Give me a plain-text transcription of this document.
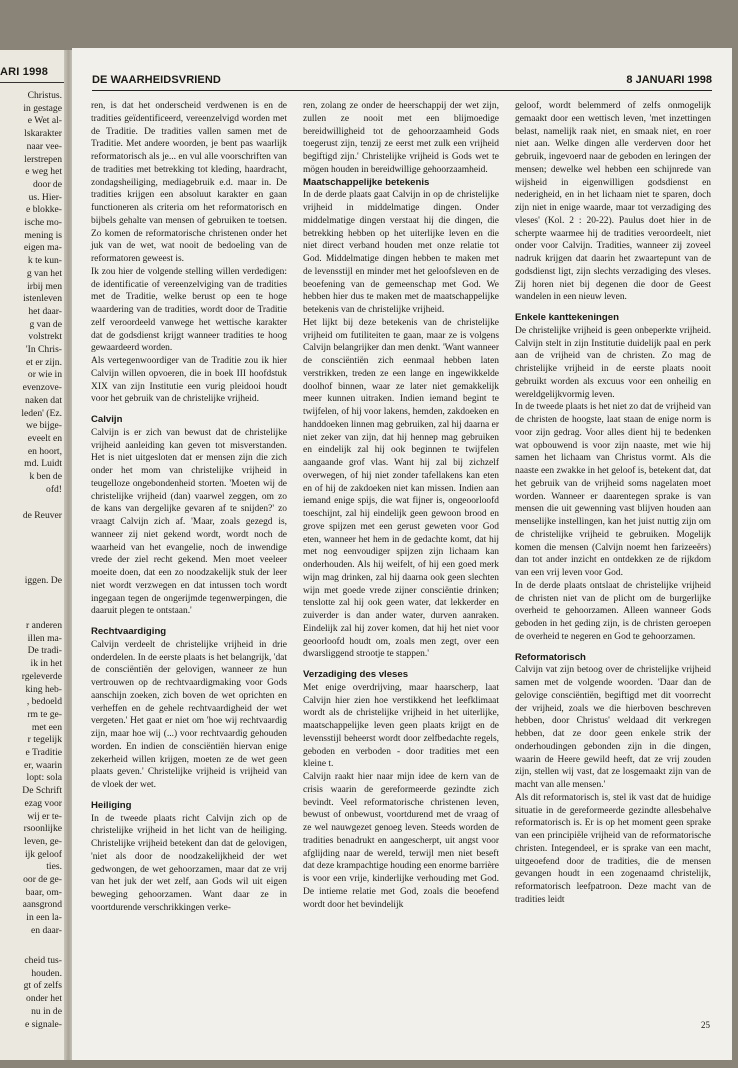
ARI 1998
Christus.
in gestage
e Wet al-
lskarakter
naar vee-
lerstrepen
e weg het
door de
us. Hier-
e blokke-
ische mo-
mening is
eigen ma-
k te kun-
g van het
irbij men
istenleven
het daar-
g van de
volstrekt
'In Chris-
et er zijn.
or wie in
evenzove-
naken dat
leden' (Ez.
we bijge-
eveelt en
en hoort,
md. Luidt
k ben de
ofd!
de Reuver
iggen. De
r anderen
illen ma-
De tradi-
ik in het
rgeleverde
king heb-
, bedoeld
rm te ge-
met een
r tegelijk
e Traditie
er, waarin
lopt: sola
De Schrift
ezag voor
wij er te-
rsoonlijke
leven, ge-
ijk geloof
ties.
oor de ge-
baar, om-
aansgrond
in een la-
en daar-
cheid tus-
houden.
gt of zelfs
onder het
nu in de
e signale-
DE WAARHEIDSVRIEND	8 JANUARI 1998

ren, is dat het onderscheid verdwenen is en de tradities geïdentificeerd, vereenzelvigd worden met de Traditie. De tradities vallen samen met de Traditie. Met andere woorden, je bent pas waarlijk reformatorisch als je... en vul alle voorschriften van de tradities met betrekking tot kleding, haardracht, zondagsheiliging, mediagebruik e.d. maar in. De tradities krijgen een absoluut karakter en gaan functioneren als criteria om het reformatorisch en bijbels gehalte van mensen of gebruiken te toetsen. Zo komen de reformatorische christenen onder het juk van de wet, wat nooit de bedoeling van de reformatoren geweest is.

Ik zou hier de volgende stelling willen verdedigen: de identificatie of vereenzelviging van de tradities met de Traditie, welke berust op een te hoge waardering van de tradities, wordt door de Traditie zelf veroordeeld vanwege het wettische karakter dat de godsdienst krijgt wanneer tradities te hoog gewaardeerd worden.

Als vertegenwoordiger van de Traditie zou ik hier Calvijn willen opvoeren, die in boek III hoofdstuk XIX van zijn Institutie een vurig pleidooi houdt voor het gebruik van de christelijke vrijheid.

Calvijn

Calvijn is er zich van bewust dat de christelijke vrijheid aanleiding kan geven tot misverstanden. Het is niet uitgesloten dat er mensen zijn die zich onder het mom van christelijke vrijheid in teugelloze ongebondenheid storten. 'Moeten wij de christelijke vrijheid (dan) vaarwel zeggen, om zo de kans van dergelijke gevaren af te snijden?' zo vraagt Calvijn zich af. 'Maar, zoals gezegd is, wanneer zij niet gekend wordt, wordt noch de waarheid van het evangelie, noch de inwendige vrede der ziel recht gekend. Men moet veeleer moeite doen, dat een zo noodzakelijk stuk der leer niet wordt verzwegen en dat intussen toch wordt ingegaan tegen de ongerijmde tegenwerpingen, die daaruit plegen te ontstaan.'

Rechtvaardiging

Calvijn verdeelt de christelijke vrijheid in drie onderdelen. In de eerste plaats is het belangrijk, 'dat de consciëntiën der gelovigen, wanneer ze hun vertrouwen op de rechtvaardigmaking voor Gods aanschijn zoeken, zich boven de wet oprichten en verheffen en de gehele rechtvaardigheid der wet vergeten.' Het gaat er niet om 'hoe wij rechtvaardig zijn, maar hoe wij (...) voor rechtvaardig gehouden worden. En indien de consciëntiën hiervan enige zekerheid willen krijgen, moeten ze de wet geen plaats geven.' Christelijke vrijheid is vrijheid van de vloek der wet.

Heiliging

In de tweede plaats richt Calvijn zich op de christelijke vrijheid in het licht van de heiliging. Christelijke vrijheid betekent dan dat de gelovigen, 'niet als door de noodzakelijkheid der wet gedwongen, de wet gehoorzamen, maar dat ze vrij van het juk der wet zelf, aan Gods wil uit eigen beweging gehoorzamen. Want daar ze in voortdurende verschrikkingen verke-

ren, zolang ze onder de heerschappij der wet zijn, zullen ze nooit met een blijmoedige bereidwilligheid tot de gehoorzaamheid Gods toegerust zijn, tenzij ze eerst met zulk een vrijheid begiftigd zijn.' Christelijke vrijheid is Gods wet te mögen houden in bereidwillige gehoorzaamheid.

Maatschappelijke betekenis

In de derde plaats gaat Calvijn in op de christelijke vrijheid in middelmatige dingen. Onder middelmatige dingen verstaat hij die dingen, die betrekking hebben op het uiterlijke leven en die niet direct verband houden met onze relatie tot God. Middelmatige dingen hebben te maken met de levensstijl en minder met het geloofsleven en de beoefening van de gemeenschap met God. We hebben hier dus te maken met de maatschappelijke betekenis van de christelijke vrijheid.

Het lijkt bij deze betekenis van de christelijke vrijheid om futiliteiten te gaan, maar ze is volgens Calvijn belangrijker dan men denkt. 'Want wanneer de consciëntiën zich eenmaal hebben laten verstrikken, treden ze een lange en ingewikkelde doolhof binnen, waar ze later niet gemakkelijk meer kunnen uitraken. Indien iemand begint te twijfelen, of hij voor lakens, hemden, zakdoeken en handdoeken linnen mag gebruiken, zal hij daarna er niet zeker van zijn, dat hij hennep mag gebruiken en eindelijk zal hij ook beginnen te twijfelen aangaande grof vlas. Want hij zal bij zichzelf overwegen, of hij niet zonder tafellakens kan eten en of hij de zakdoeken niet kan missen. Indien aan iemand enige spijs, die wat fijner is, ongeoorloofd toeschijnt, zal hij eindelijk geen gewoon brood en grove spijzen met een gerust geweten voor God eten, wanneer het hem in de gedachte komt, dat hij met nog eenvoudiger spijzen zijn lichaam kan onderhouden. Als hij weifelt, of hij een goed merk wijn mag drinken, zal hij daarna ook geen slechten wijn met goede vrede zijner consciëntie drinken; tenslotte zal hij ook geen water, dat lekkerder en zuiverder is dan ander water, durven aanraken. Eindelijk zal hij zover komen, dat hij het niet voor geoorloofd houdt om, zoals men zegt, over een dwarsliggend strootje te stappen.'

Verzadiging des vleses

Met enige overdrijving, maar haarscherp, laat Calvijn hier zien hoe verstikkend het leefklimaat wordt als de christelijke vrijheid in het uiterlijke, maatschappelijke leven geen plaats krijgt en de levensstijl beheerst wordt door zelfbedachte regels, geboden en verboden - door tradities met een kleine t.

Calvijn raakt hier naar mijn idee de kern van de crisis waarin de gereformeerde gezindte zich bevindt. Veel reformatorische christenen leven, bewust of onbewust, voortdurend met de vraag of ze wel nauwgezet genoeg leven. Steeds worden de tradities benadrukt en aangescherpt, uit angst voor afglijding naar de wereld, terwijl men niet beseft dat deze krampachtige houding een enorme barrière is voor een vrije, kinderlijke verhouding met God. De intieme relatie met God, zoals die beoefend wordt door het bevindelijk

geloof, wordt belemmerd of zelfs onmogelijk gemaakt door een wettisch leven, 'met inzettingen belast, namelijk raak niet, en smaak niet, en roer niet aan. Welke dingen alle verderven door het gebruik, ingevoerd naar de geboden en leringen der mensen; dewelke wel hebben een schijnrede van wijsheid in eigenwilligen godsdienst en nederigheid, en in het lichaam niet te sparen, doch zijn niet in enige waarde, maar tot verzadiging des vleses' (Kol. 2 : 20-22). Paulus doet hier in de scherpte waarmee hij de tradities veroordeelt, niet onder voor Calvijn. Tradities, wanneer zij zoveel nadruk krijgen dat daarin het zwaartepunt van de godsdienst ligt, zijn slechts verzadiging des vleses. Zij horen niet bij degenen die door de Geest wandelen in een nieuw leven.

Enkele kanttekeningen

De christelijke vrijheid is geen onbeperkte vrijheid. Calvijn stelt in zijn Institutie duidelijk paal en perk aan de vrijheid van de christen. Zo mag de christelijke vrijheid in de eerste plaats nooit gebruikt worden als excuus voor een onheilig en wereldgelijkvormig leven.

In de tweede plaats is het niet zo dat de vrijheid van de christen de hoogste, laat staan de enige norm is voor zijn gedrag. Voor alles dient hij te bedenken wat opbouwend is voor zijn naaste, met wie hij samen het lichaam van Christus vormt. Als die naaste een zwakke in het geloof is, betekent dat, dat het gebruik van de vrijheid soms nagelaten moet worden. Wanneer er daarentegen sprake is van mensen die uit gewenning vast blijven houden aan menselijke instellingen, kan het juist nuttig zijn om de christelijke vrijheid te gebruiken. Mogelijk komen die mensen (Calvijn noemt hen farizeeërs) dan tot ander inzicht en ontdekken ze de rijkdom van een vrij leven voor God.

In de derde plaats ontslaat de christelijke vrijheid de christen niet van de plicht om de burgerlijke overheid te gehoorzamen. Alleen wanneer Gods geboden in het geding zijn, is de christen geroepen de overheid te negeren en God te gehoorzamen.

Reformatorisch

Calvijn vat zijn betoog over de christelijke vrijheid samen met de volgende woorden. 'Daar dan de gelovige consciëntiën, begiftigd met dit voorrecht der vrijheid, zoals we die hierboven beschreven hebben, door Christus' weldaad dit verkregen hebben, dat ze door geen enkele strik der onderhoudingen gebonden zijn in die dingen, waarin de Heere gewild heeft, dat ze vrij zouden zijn, stellen wij vast, dat ze losgemaakt zijn van de macht van alle mensen.'

Als dit reformatorisch is, stel ik vast dat de huidige situatie in de gereformeerde gezindte allesbehalve reformatorisch is. Er is op het moment geen sprake van een principiële vrijheid van de reformatorische christen. Integendeel, er is sprake van een macht, uitgeoefend door de tradities, die de mensen gevangen houdt in een zogenaamd christelijk, reformatorisch leefpatroon. Deze macht van de tradities leidt

25
